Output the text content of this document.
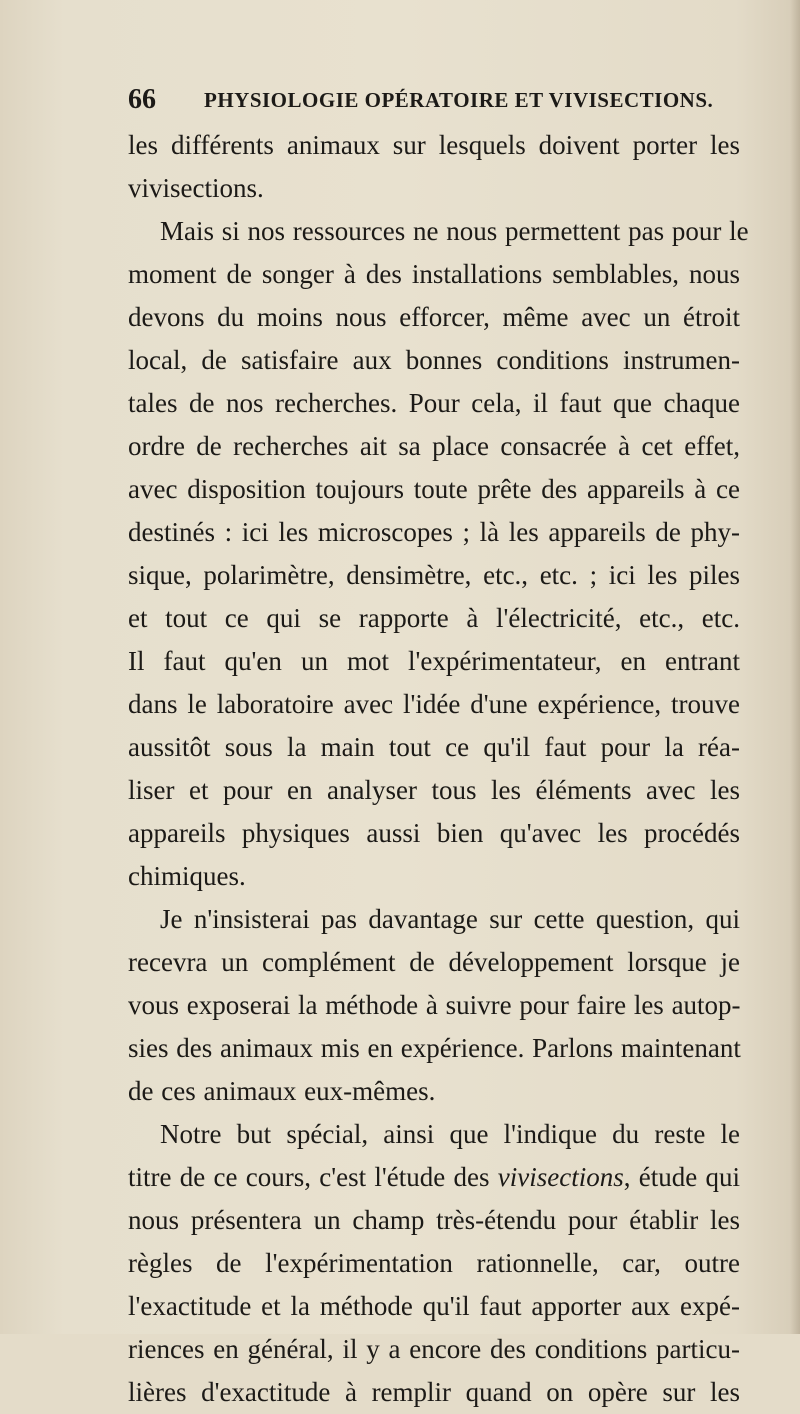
66 PHYSIOLOGIE OPÉRATOIRE ET VIVISECTIONS.
les différents animaux sur lesquels doivent porter les
vivisections.
Mais si nos ressources ne nous permettent pas pour le
moment de songer à des installations semblables, nous
devons du moins nous efforcer, même avec un étroit
local, de satisfaire aux bonnes conditions instrumen-
tales de nos recherches. Pour cela, il faut que chaque
ordre de recherches ait sa place consacrée à cet effet,
avec disposition toujours toute prête des appareils à ce
destinés : ici les microscopes ; là les appareils de phy-
sique, polarimètre, densimètre, etc., etc. ; ici les piles
et tout ce qui se rapporte à l'électricité, etc., etc.
Il faut qu'en un mot l'expérimentateur, en entrant
dans le laboratoire avec l'idée d'une expérience, trouve
aussitôt sous la main tout ce qu'il faut pour la réa-
liser et pour en analyser tous les éléments avec les
appareils physiques aussi bien qu'avec les procédés
chimiques.
Je n'insisterai pas davantage sur cette question, qui
recevra un complément de développement lorsque je
vous exposerai la méthode à suivre pour faire les autop-
sies des animaux mis en expérience. Parlons maintenant
de ces animaux eux-mêmes.
Notre but spécial, ainsi que l'indique du reste le
titre de ce cours, c'est l'étude des vivisections, étude qui
nous présentera un champ très-étendu pour établir les
règles de l'expérimentation rationnelle, car, outre
l'exactitude et la méthode qu'il faut apporter aux expé-
riences en général, il y a encore des conditions particu-
lières d'exactitude à remplir quand on opère sur les
